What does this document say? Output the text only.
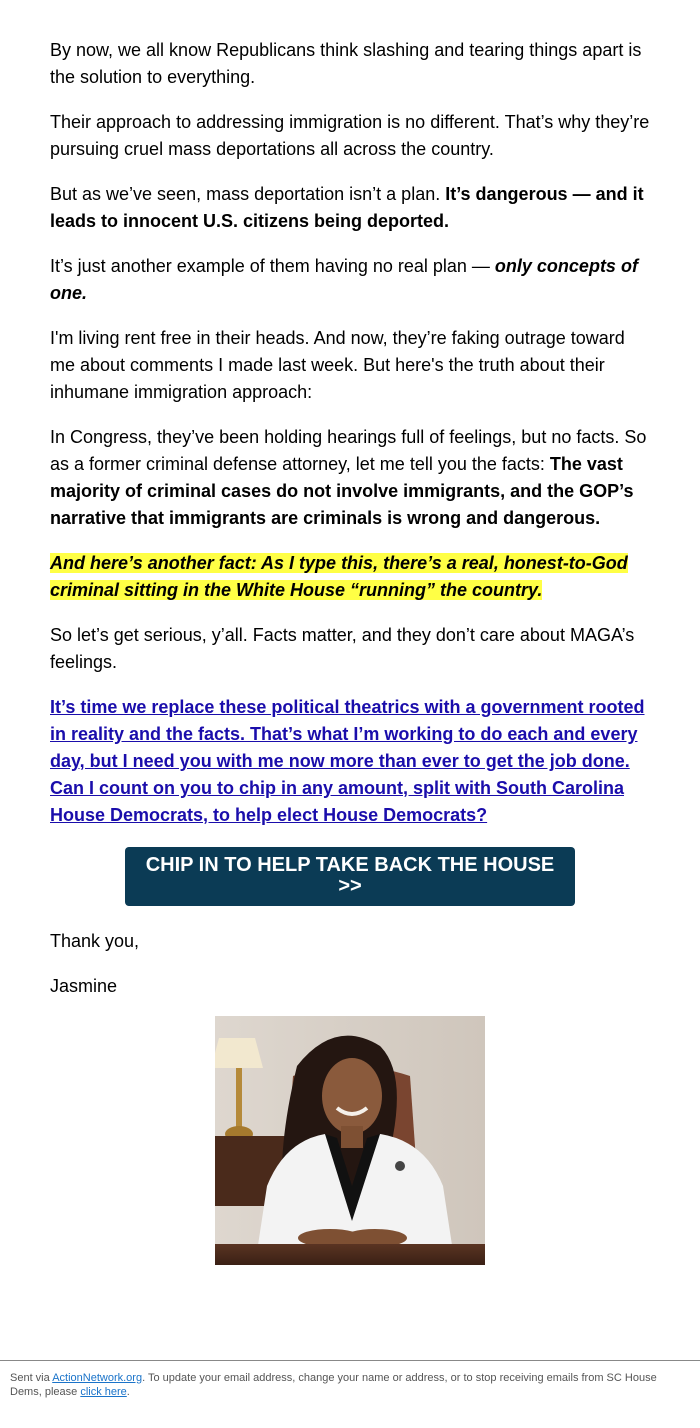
By now, we all know Republicans think slashing and tearing things apart is the solution to everything.

Their approach to addressing immigration is no different. That’s why they’re pursuing cruel mass deportations all across the country.

But as we’ve seen, mass deportation isn’t a plan. It’s dangerous — and it leads to innocent U.S. citizens being deported.

It’s just another example of them having no real plan — only concepts of one.

I'm living rent free in their heads. And now, they’re faking outrage toward me about comments I made last week. But here's the truth about their inhumane immigration approach:

In Congress, they’ve been holding hearings full of feelings, but no facts. So as a former criminal defense attorney, let me tell you the facts: The vast majority of criminal cases do not involve immigrants, and the GOP’s narrative that immigrants are criminals is wrong and dangerous.

And here’s another fact: As I type this, there’s a real, honest-to-God criminal sitting in the White House “running” the country.

So let’s get serious, y’all. Facts matter, and they don’t care about MAGA’s feelings.

It’s time we replace these political theatrics with a government rooted in reality and the facts. That’s what I’m working to do each and every day, but I need you with me now more than ever to get the job done. Can I count on you to chip in any amount, split with South Carolina House Democrats, to help elect House Democrats?

CHIP IN TO HELP TAKE BACK THE HOUSE >>

Thank you,

Jasmine

Sent via ActionNetwork.org. To update your email address, change your name or address, or to stop receiving emails from SC House Dems, please click here.
